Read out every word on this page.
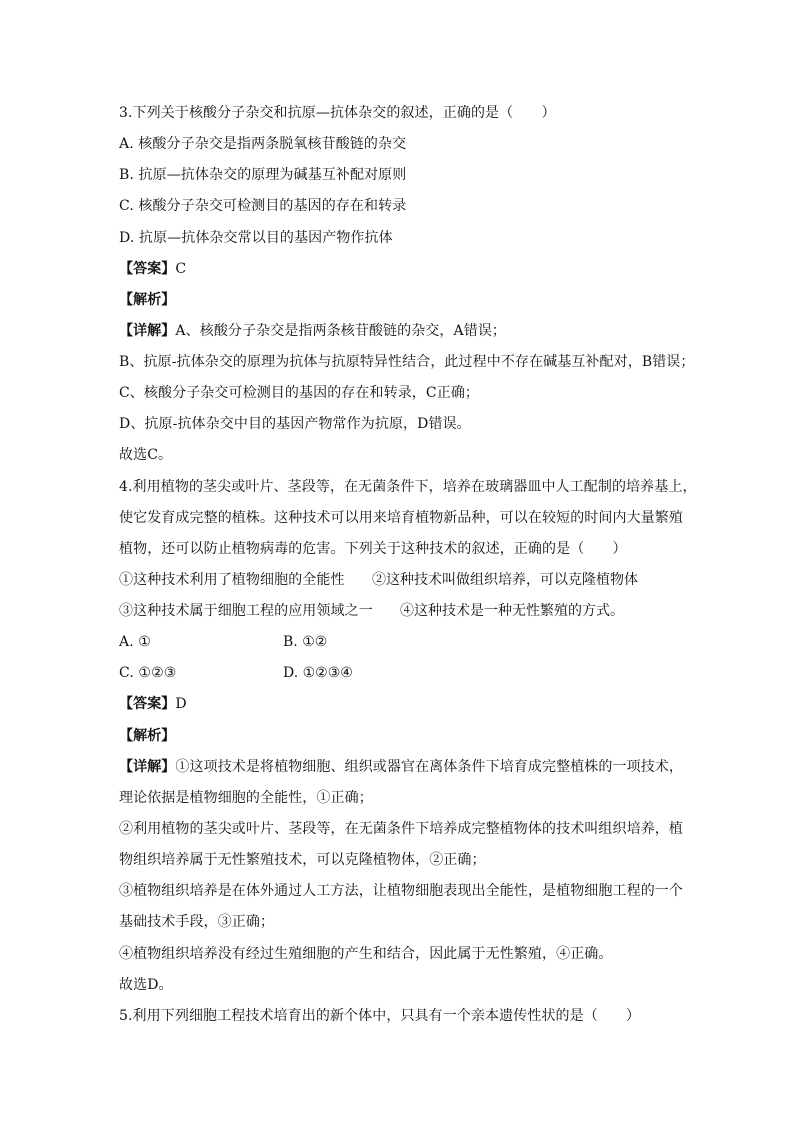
3.下列关于核酸分子杂交和抗原—抗体杂交的叙述，正确的是（　　）
A. 核酸分子杂交是指两条脱氧核苷酸链的杂交
B. 抗原—抗体杂交的原理为碱基互补配对原则
C. 核酸分子杂交可检测目的基因的存在和转录
D. 抗原—抗体杂交常以目的基因产物作抗体
【答案】C
【解析】
【详解】A、核酸分子杂交是指两条核苷酸链的杂交，A错误；
B、抗原-抗体杂交的原理为抗体与抗原特异性结合，此过程中不存在碱基互补配对，B错误；
C、核酸分子杂交可检测目的基因的存在和转录，C正确；
D、抗原-抗体杂交中目的基因产物常作为抗原，D错误。
故选C。
4.利用植物的茎尖或叶片、茎段等，在无菌条件下，培养在玻璃器皿中人工配制的培养基上，
使它发育成完整的植株。这种技术可以用来培育植物新品种，可以在较短的时间内大量繁殖
植物，还可以防止植物病毒的危害。下列关于这种技术的叙述，正确的是（　　）
①这种技术利用了植物细胞的全能性 ②这种技术叫做组织培养，可以克隆植物体
③这种技术属于细胞工程的应用领域之一 ④这种技术是一种无性繁殖的方式。
A. ①	B. ①②
C. ①②③	D. ①②③④
【答案】D
【解析】
【详解】①这项技术是将植物细胞、组织或器官在离体条件下培育成完整植株的一项技术，
理论依据是植物细胞的全能性，①正确；
②利用植物的茎尖或叶片、茎段等，在无菌条件下培养成完整植物体的技术叫组织培养，植
物组织培养属于无性繁殖技术，可以克隆植物体，②正确；
③植物组织培养是在体外通过人工方法，让植物细胞表现出全能性，是植物细胞工程的一个
基础技术手段，③正确；
④植物组织培养没有经过生殖细胞的产生和结合，因此属于无性繁殖，④正确。
故选D。
5.利用下列细胞工程技术培育出的新个体中，只具有一个亲本遗传性状的是（　　）
